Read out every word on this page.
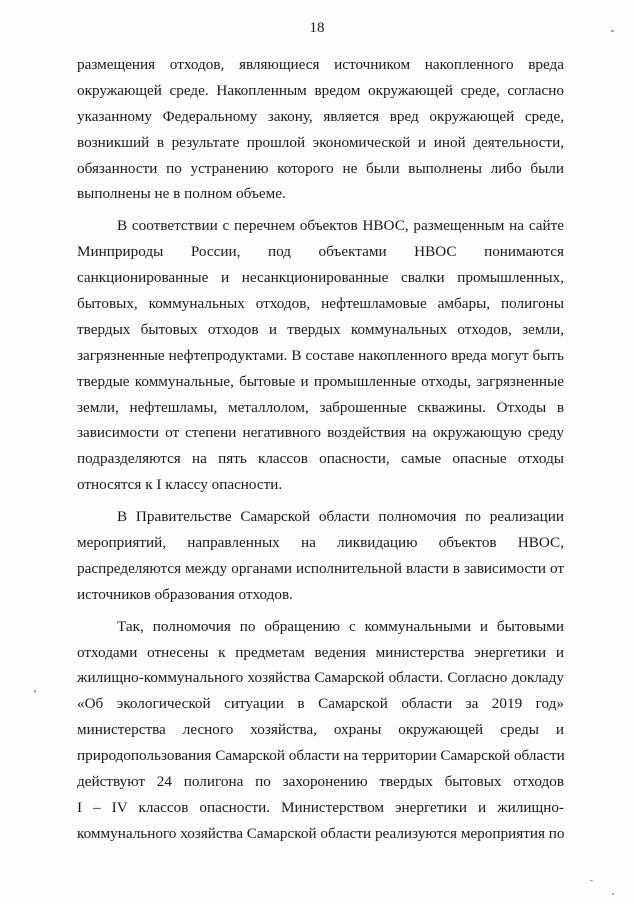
18
размещения отходов, являющиеся источником накопленного вреда
окружающей среде. Накопленным вредом окружающей среде, согласно
указанному Федеральному закону, является вред окружающей среде,
возникший в результате прошлой экономической и иной деятельности,
обязанности по устранению которого не были выполнены либо были
выполнены не в полном объеме.
В соответствии с перечнем объектов НВОС, размещенным на сайте
Минприроды России, под объектами НВОС понимаются
санкционированные и несанкционированные свалки промышленных,
бытовых, коммунальных отходов, нефтешламовые амбары, полигоны
твердых бытовых отходов и твердых коммунальных отходов, земли,
загрязненные нефтепродуктами. В составе накопленного вреда могут быть
твердые коммунальные, бытовые и промышленные отходы, загрязненные
земли, нефтешламы, металлолом, заброшенные скважины. Отходы в
зависимости от степени негативного воздействия на окружающую среду
подразделяются на пять классов опасности, самые опасные отходы
относятся к I классу опасности.
В Правительстве Самарской области полномочия по реализации
мероприятий, направленных на ликвидацию объектов НВОС,
распределяются между органами исполнительной власти в зависимости от
источников образования отходов.
Так, полномочия по обращению с коммунальными и бытовыми
отходами отнесены к предметам ведения министерства энергетики и
жилищно-коммунального хозяйства Самарской области. Согласно докладу
«Об экологической ситуации в Самарской области за 2019 год»
министерства лесного хозяйства, охраны окружающей среды и
природопользования Самарской области на территории Самарской области
действуют 24 полигона по захоронению твердых бытовых отходов
I – IV классов опасности. Министерством энергетики и жилищно-
коммунального хозяйства Самарской области реализуются мероприятия по
